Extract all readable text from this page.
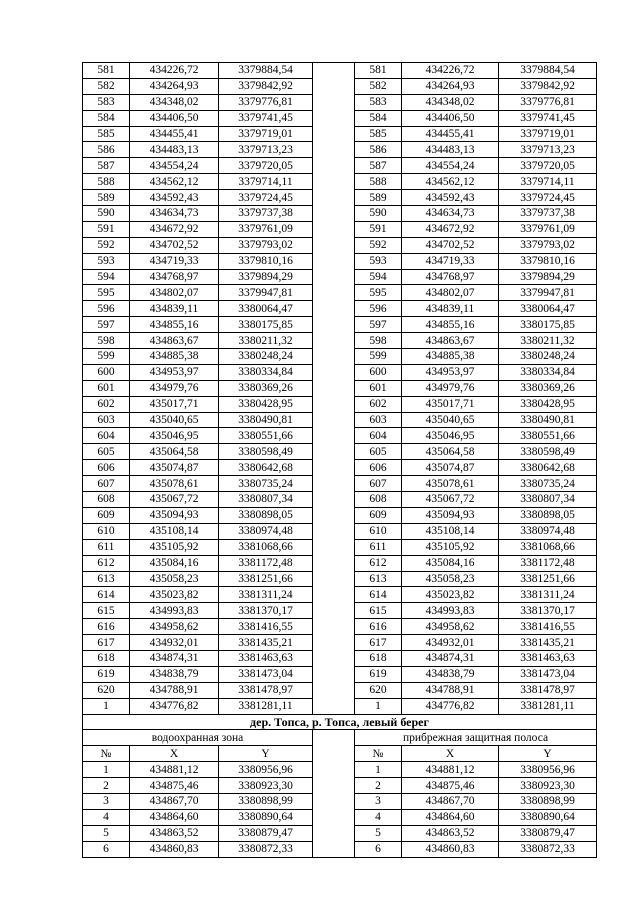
581	434226,72	3379884,54		581	434226,72	3379884,54
582	434264,93	3379842,92		582	434264,93	3379842,92
583	434348,02	3379776,81		583	434348,02	3379776,81
584	434406,50	3379741,45		584	434406,50	3379741,45
585	434455,41	3379719,01		585	434455,41	3379719,01
586	434483,13	3379713,23		586	434483,13	3379713,23
587	434554,24	3379720,05		587	434554,24	3379720,05
588	434562,12	3379714,11		588	434562,12	3379714,11
589	434592,43	3379724,45		589	434592,43	3379724,45
590	434634,73	3379737,38		590	434634,73	3379737,38
591	434672,92	3379761,09		591	434672,92	3379761,09
592	434702,52	3379793,02		592	434702,52	3379793,02
593	434719,33	3379810,16		593	434719,33	3379810,16
594	434768,97	3379894,29		594	434768,97	3379894,29
595	434802,07	3379947,81		595	434802,07	3379947,81
596	434839,11	3380064,47		596	434839,11	3380064,47
597	434855,16	3380175,85		597	434855,16	3380175,85
598	434863,67	3380211,32		598	434863,67	3380211,32
599	434885,38	3380248,24		599	434885,38	3380248,24
600	434953,97	3380334,84		600	434953,97	3380334,84
601	434979,76	3380369,26		601	434979,76	3380369,26
602	435017,71	3380428,95		602	435017,71	3380428,95
603	435040,65	3380490,81		603	435040,65	3380490,81
604	435046,95	3380551,66		604	435046,95	3380551,66
605	435064,58	3380598,49		605	435064,58	3380598,49
606	435074,87	3380642,68		606	435074,87	3380642,68
607	435078,61	3380735,24		607	435078,61	3380735,24
608	435067,72	3380807,34		608	435067,72	3380807,34
609	435094,93	3380898,05		609	435094,93	3380898,05
610	435108,14	3380974,48		610	435108,14	3380974,48
611	435105,92	3381068,66		611	435105,92	3381068,66
612	435084,16	3381172,48		612	435084,16	3381172,48
613	435058,23	3381251,66		613	435058,23	3381251,66
614	435023,82	3381311,24		614	435023,82	3381311,24
615	434993,83	3381370,17		615	434993,83	3381370,17
616	434958,62	3381416,55		616	434958,62	3381416,55
617	434932,01	3381435,21		617	434932,01	3381435,21
618	434874,31	3381463,63		618	434874,31	3381463,63
619	434838,79	3381473,04		619	434838,79	3381473,04
620	434788,91	3381478,97		620	434788,91	3381478,97
1	434776,82	3381281,11		1	434776,82	3381281,11
дер. Топса, р. Топса, левый берег						
водоохранная зона				прибрежная защитная полоса		
№	X	Y		№	X	Y
1	434881,12	3380956,96		1	434881,12	3380956,96
2	434875,46	3380923,30		2	434875,46	3380923,30
3	434867,70	3380898,99		3	434867,70	3380898,99
4	434864,60	3380890,64		4	434864,60	3380890,64
5	434863,52	3380879,47		5	434863,52	3380879,47
6	434860,83	3380872,33		6	434860,83	3380872,33
